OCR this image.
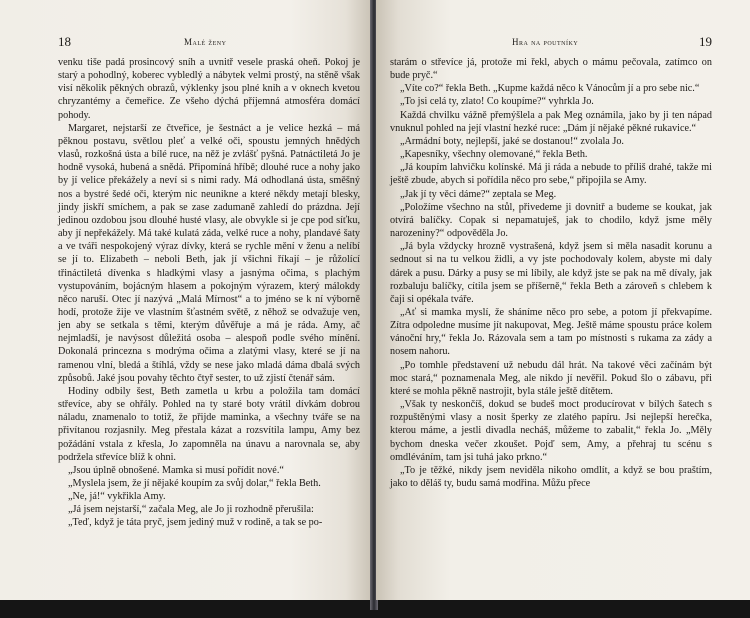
18	Malé ženy

venku tiše padá prosincový sníh a uvnitř vesele praská oheň. Pokoj je starý a pohodlný, koberec vybledlý a nábytek velmi prostý, na stěně však visí několik pěkných obrazů, výklenky jsou plné knih a v oknech kvetou chryzantémy a čemeřice. Ze všeho dýchá příjemná atmosféra domácí pohody.

Margaret, nejstarší ze čtveřice, je šestnáct a je velice hezká – má pěknou postavu, světlou pleť a velké oči, spoustu jemných hnědých vlasů, rozkošná ústa a bílé ruce, na něž je zvlášť pyšná. Patnáctiletá Jo je hodně vysoká, hubená a snědá. Připomíná hříbě; dlouhé ruce a nohy jako by jí velice překážely a neví si s nimi rady. Má odhodlaná ústa, směšný nos a bystré šedé oči, kterým nic neunikne a které někdy metají blesky, jindy jiskří smíchem, a pak se zase zadumaně zahledí do prázdna. Její jedinou ozdobou jsou dlouhé husté vlasy, ale obvykle si je cpe pod síťku, aby jí nepřekážely. Má také kulatá záda, velké ruce a nohy, plandavé šaty a ve tváři nespokojený výraz dívky, která se rychle mění v ženu a nelíbí se jí to. Elizabeth – neboli Beth, jak jí všichni říkají – je růžolící třináctiletá dívenka s hladkými vlasy a jasnýma očima, s plachým vystupováním, bojácným hlasem a pokojným výrazem, který málokdy něco naruší. Otec jí nazývá „Malá Mírnost“ a to jméno se k ní výborně hodí, protože žije ve vlastním šťastném světě, z něhož se odvažuje ven, jen aby se setkala s těmi, kterým důvěřuje a má je ráda. Amy, ač nejmladší, je navýsost důležitá osoba – alespoň podle svého mínění. Dokonalá princezna s modrýma očima a zlatými vlasy, které se jí na ramenou vlní, bledá a štíhlá, vždy se nese jako mladá dáma dbalá svých způsobů. Jaké jsou povahy těchto čtyř sester, to už zjistí čtenář sám.

Hodiny odbily šest, Beth zametla u krbu a položila tam domácí střevíce, aby se ohřály. Pohled na ty staré boty vrátil dívkám dobrou náladu, znamenalo to totiž, že přijde maminka, a všechny tváře se na přivítanou rozjasnily. Meg přestala kázat a rozsvítila lampu, Amy bez požádání vstala z křesla, Jo zapomněla na únavu a narovnala se, aby podržela střevíce blíž k ohni.

„Jsou úplně obnošené. Mamka si musí pořídit nové.“

„Myslela jsem, že jí nějaké koupím za svůj dolar,“ řekla Beth.

„Ne, já!“ vykřikla Amy.

„Já jsem nejstarší,“ začala Meg, ale Jo ji rozhodně přerušila:

„Teď, když je táta pryč, jsem jediný muž v rodině, a tak se po-

Hra na poutníky	19

starám o střevíce já, protože mi řekl, abych o mámu pečovala, zatímco on bude pryč.“

„Víte co?“ řekla Beth. „Kupme každá něco k Vánocům jí a pro sebe nic.“

„To jsi celá ty, zlato! Co koupíme?“ vyhrkla Jo.

Každá chvilku vážně přemýšlela a pak Meg oznámila, jako by ji ten nápad vnuknul pohled na její vlastní hezké ruce: „Dám jí nějaké pěkné rukavice.“

„Armádní boty, nejlepší, jaké se dostanou!“ zvolala Jo.

„Kapesníky, všechny olemované,“ řekla Beth.

„Já koupím lahvičku kolínské. Má ji ráda a nebude to příliš drahé, takže mi ještě zbude, abych si pořídila něco pro sebe,“ připojila se Amy.

„Jak jí ty věci dáme?“ zeptala se Meg.

„Položíme všechno na stůl, přivedeme ji dovnitř a budeme se koukat, jak otvírá balíčky. Copak si nepamatuješ, jak to chodilo, když jsme měly narozeniny?“ odpověděla Jo.

„Já byla vždycky hrozně vystrašená, když jsem si měla nasadit korunu a sednout si na tu velkou židli, a vy jste pochodovaly kolem, abyste mi daly dárek a pusu. Dárky a pusy se mi líbily, ale když jste se pak na mě dívaly, jak rozbaluju balíčky, cítila jsem se příšerně,“ řekla Beth a zároveň s chlebem k čaji si opékala tváře.

„Ať si mamka myslí, že sháníme něco pro sebe, a potom jí překvapíme. Zítra odpoledne musíme jít nakupovat, Meg. Ještě máme spoustu práce kolem vánoční hry,“ řekla Jo. Rázovala sem a tam po místnosti s rukama za zády a nosem nahoru.

„Po tomhle představení už nebudu dál hrát. Na takové věci začínám být moc stará,“ poznamenala Meg, ale nikdo jí nevěřil. Pokud šlo o zábavu, při které se mohla pěkně nastrojit, byla stále ještě dítětem.

„Však ty neskončíš, dokud se budeš moct producírovat v bílých šatech s rozpuštěnými vlasy a nosit šperky ze zlatého papíru. Jsi nejlepší herečka, kterou máme, a jestli divadla necháš, můžeme to zabalit,“ řekla Jo. „Měly bychom dneska večer zkoušet. Pojď sem, Amy, a přehraj tu scénu s omdléváním, tam jsi tuhá jako prkno.“

„To je těžké, nikdy jsem neviděla nikoho omdlít, a když se bou praštím, jako to děláš ty, budu samá modřina. Můžu přece
